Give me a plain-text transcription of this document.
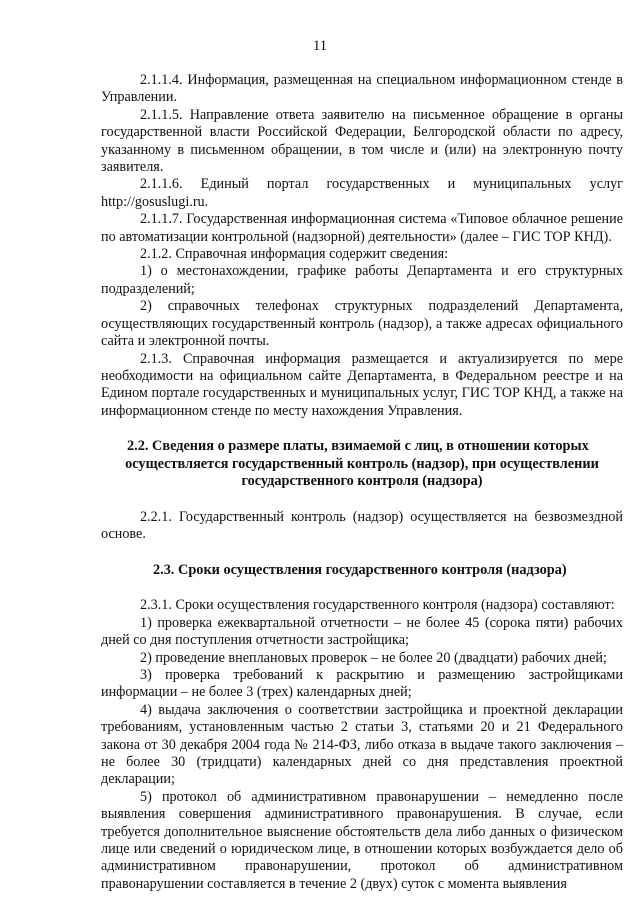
11

2.1.1.4. Информация, размещенная на специальном информационном стенде в Управлении.

2.1.1.5. Направление ответа заявителю на письменное обращение в органы государственной власти Российской Федерации, Белгородской области по адресу, указанному в письменном обращении, в том числе и (или) на электронную почту заявителя.

2.1.1.6. Единый портал государственных и муниципальных услуг http://gosuslugi.ru.

2.1.1.7. Государственная информационная система «Типовое облачное решение по автоматизации контрольной (надзорной) деятельности» (далее – ГИС ТОР КНД).

2.1.2. Справочная информация содержит сведения:

1) о местонахождении, графике работы Департамента и его структурных подразделений;

2) справочных телефонах структурных подразделений Департамента, осуществляющих государственный контроль (надзор), а также адресах официального сайта и электронной почты.

2.1.3. Справочная информация размещается и актуализируется по мере необходимости на официальном сайте Департамента, в Федеральном реестре и на Едином портале государственных и муниципальных услуг, ГИС ТОР КНД, а также на информационном стенде по месту нахождения Управления.

2.2. Сведения о размере платы, взимаемой с лиц, в отношении которых
осуществляется государственный контроль (надзор), при осуществлении
государственного контроля (надзора)

2.2.1. Государственный контроль (надзор) осуществляется на безвозмездной основе.

2.3. Сроки осуществления государственного контроля (надзора)

2.3.1. Сроки осуществления государственного контроля (надзора) составляют:

1) проверка ежеквартальной отчетности – не более 45 (сорока пяти) рабочих дней со дня поступления отчетности застройщика;

2) проведение внеплановых проверок – не более 20 (двадцати) рабочих дней;

3) проверка требований к раскрытию и размещению застройщиками информации – не более 3 (трех) календарных дней;

4) выдача заключения о соответствии застройщика и проектной декларации требованиям, установленным частью 2 статьи 3, статьями 20 и 21 Федерального закона от 30 декабря 2004 года № 214-ФЗ, либо отказа в выдаче такого заключения – не более 30 (тридцати) календарных дней со дня представления проектной декларации;

5) протокол об административном правонарушении – немедленно после выявления совершения административного правонарушения. В случае, если требуется дополнительное выяснение обстоятельств дела либо данных о физическом лице или сведений о юридическом лице, в отношении которых возбуждается дело об административном правонарушении, протокол об административном правонарушении составляется в течение 2 (двух) суток с момента выявления
